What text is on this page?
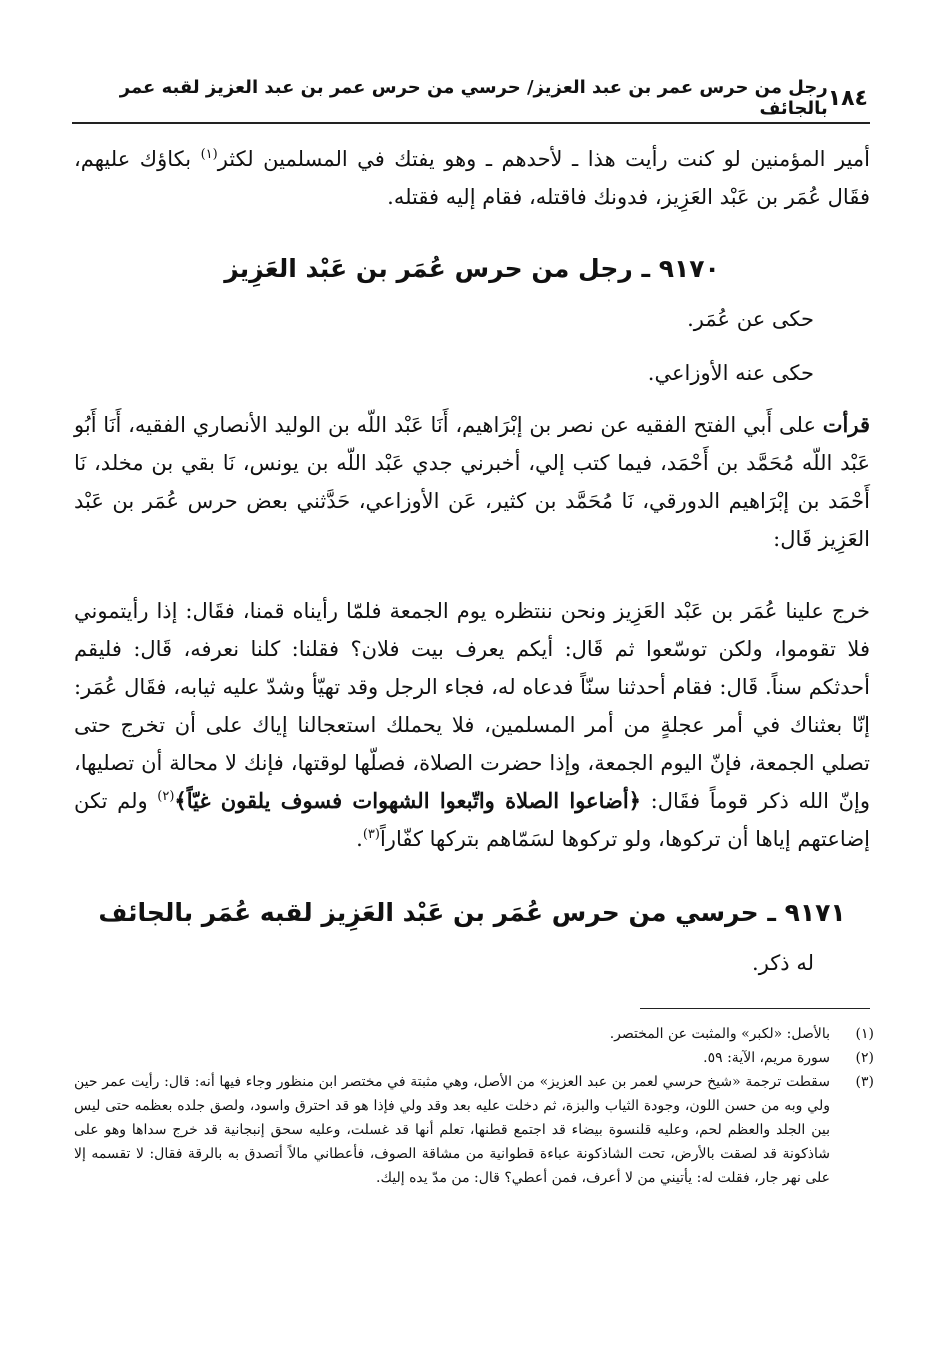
١٨٤
رجل من حرس عمر بن عبد العزيز/ حرسي من حرس عمر بن عبد العزيز لقبه عمر بالجائف

أمير المؤمنين لو كنت رأيت هذا ـ لأحدهم ـ وهو يفتك في المسلمين لكثر$^{(١)}$ بكاؤك عليهم، فقَال عُمَر بن عَبْد العَزِيز، فدونك فاقتله، فقام إليه فقتله.

٩١٧٠ ـ رجل من حرس عُمَر بن عَبْد العَزِيز
حكى عن عُمَر.
حكى عنه الأوزاعي.

قرأت على أَبي الفتح الفقيه عن نصر بن إبْرَاهيم، أَنَا عَبْد اللّه بن الوليد الأنصاري الفقيه، أَنَا أَبُو عَبْد اللّه مُحَمَّد بن أَحْمَد، فيما كتب إلي، أخبرني جدي عَبْد اللّه بن يونس، نَا بقي بن مخلد، نَا أَحْمَد بن إبْرَاهيم الدورقي، نَا مُحَمَّد بن كثير، عَن الأوزاعي، حَدَّثني بعض حرس عُمَر بن عَبْد العَزِيز قَال:

خرج علينا عُمَر بن عَبْد العَزِيز ونحن ننتظره يوم الجمعة فلمّا رأيناه قمنا، فقَال: إذا رأيتموني فلا تقوموا، ولكن توسّعوا ثم قَال: أيكم يعرف بيت فلان؟ فقلنا: كلنا نعرفه، قَال: فليقم أحدثكم سناً. قَال: فقام أحدثنا سنّاً فدعاه له، فجاء الرجل وقد تهيّأ وشدّ عليه ثيابه، فقَال عُمَر: إنّا بعثناك في أمر عجلةٍ من أمر المسلمين، فلا يحملك استعجالنا إياك على أن تخرج حتى تصلي الجمعة، فإنّ اليوم الجمعة، وإذا حضرت الصلاة، فصلّها لوقتها، فإنك لا محالة أن تصليها، وإنّ الله ذكر قوماً فقَال: ﴿أضاعوا الصلاة واتّبعوا الشهوات فسوف يلقون غيّاً﴾$^{(٢)}$ ولم تكن إضاعتهم إياها أن تركوها، ولو تركوها لسَمّاهم بتركها كفّاراً$^{(٣)}$.

٩١٧١ ـ حرسي من حرس عُمَر بن عَبْد العَزِيز لقبه عُمَر بالجائف
له ذكر.
(١)
بالأصل: «لكبر» والمثبت عن المختصر.
(٢)
سورة مريم، الآية: ٥٩.
(٣)
سقطت ترجمة «شيخ حرسي لعمر بن عبد العزيز» من الأصل، وهي مثبتة في مختصر ابن منظور وجاء فيها أنه: قال: رأيت عمر حين ولي وبه من حسن اللون، وجودة الثياب والبزة، ثم دخلت عليه بعد وقد ولي فإذا هو قد احترق واسود، ولصق جلده بعظمه حتى ليس بين الجلد والعظم لحم، وعليه قلنسوة بيضاء قد اجتمع قطنها، تعلم أنها قد غسلت، وعليه سحق إنبجانية قد خرج سداها وهو على شاذكونة قد لصقت بالأرض، تحت الشاذكونة عباءة قطوانية من مشاقة الصوف، فأعطاني مالاً أتصدق به بالرقة فقال: لا تقسمه إلا على نهر جار، فقلت له: يأتيني من لا أعرف، فمن أعطي؟ قال: من مدّ يده إليك.
